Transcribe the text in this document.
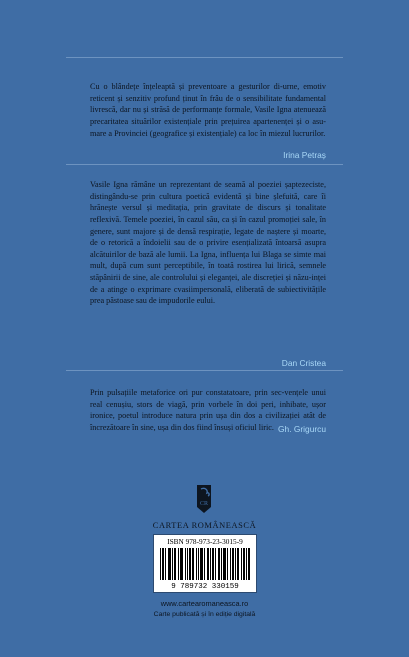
Cu o blândețe înțeleaptă și preventoare a gesturilor di-urne, emotiv reticent și senzitiv profund ținut în frâu de o sensibilitate fundamental livrescă, dar nu și străsă de performanțe formale, Vasile Igna atenuează precaritatea situărilor existențiale prin prețuirea apartenenței și o asu-mare a Provinciei (geografice și existențiale) ca loc în miezul lucrurilor.

Irina Petraș

Vasile Igna rămâne un reprezentant de seamă al poeziei șaptezeciste, distingându-se prin cultura poetică evidentă și bine șlefuită, care îi hrănește versul și meditația, prin gravitate de discurs și tonalitate reflexivă. Temele poeziei, în cazul său, ca și în cazul promoției sale, în genere, sunt majore și de densă respirație, legate de naștere și moarte, de o retorică a îndoielii sau de o privire esențializată întoarsă asupra alcătuirilor de bază ale lumii. La Igna, influența lui Blaga se simte mai mult, după cum sunt perceptibile, în toată rostirea lui lirică, semnele stăpânirii de sine, ale controlului și eleganței, ale discreției și năzu-inței de a atinge o exprimare cvasiimpersonală, eliberată de subiectivitățile prea păstoase sau de impudorile eului.

Dan Cristea

Prin pulsațiile metaforice ori pur constatatoare, prin sec-vențele unui real cenușiu, stors de viagă, prin vorbele în doi peri, inhibate, ușor ironice, poetul introduce natura prin ușa din dos a civilizației atât de încrezătoare în sine, ușa din dos fiind însuși oficiul liric. Gh. Grigurcu
CR
CARTEA ROMÂNEASCĂ
ISBN 978-973-23-3015-9
9 789732 330159
www.cartearomaneasca.ro
Carte publicată și în ediție digitală
